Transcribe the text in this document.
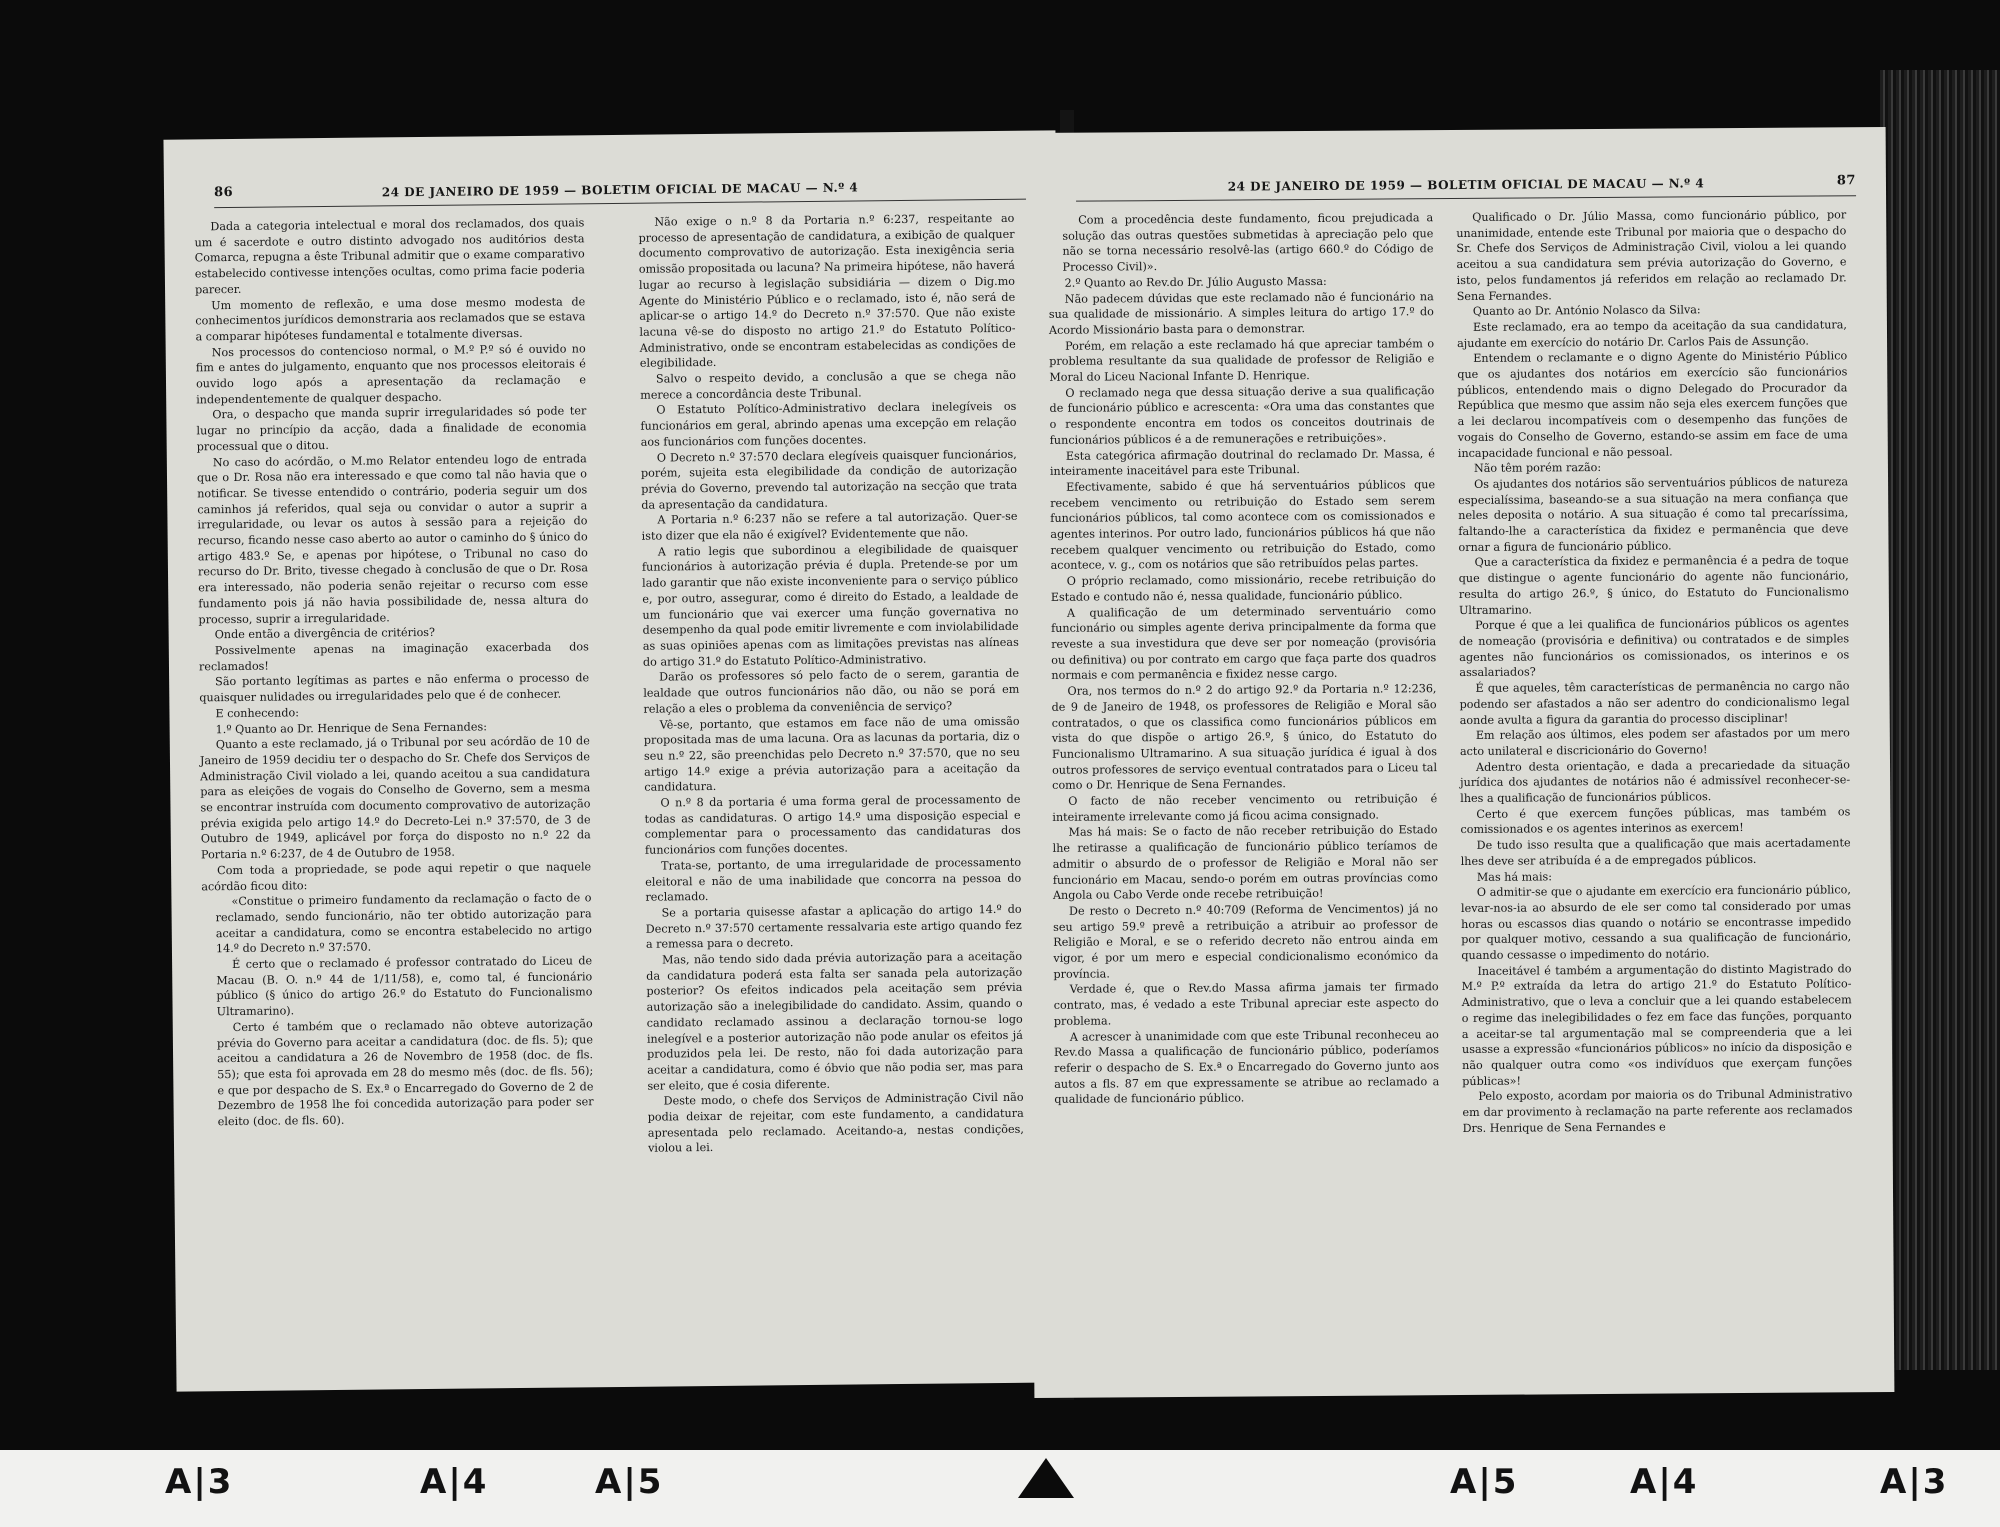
86	24 DE JANEIRO DE 1959 — BOLETIM OFICIAL DE MACAU — N.º 4

Dada a categoria intelectual e moral dos reclamados, dos quais um é sacerdote e outro distinto advogado nos auditórios desta Comarca, repugna a êste Tribunal admitir que o exame comparativo estabelecido contivesse intenções ocultas, como prima facie poderia parecer.

Um momento de reflexão, e uma dose mesmo modesta de conhecimentos jurídicos demonstraria aos reclamados que se estava a comparar hipóteses fundamental e totalmente diversas.

Nos processos do contencioso normal, o M.º P.º só é ouvido no fim e antes do julgamento, enquanto que nos processos eleitorais é ouvido logo após a apresentação da reclamação e independentemente de qualquer despacho.

Ora, o despacho que manda suprir irregularidades só pode ter lugar no princípio da acção, dada a finalidade de economia processual que o ditou.

No caso do acórdão, o M.mo Relator entendeu logo de entrada que o Dr. Rosa não era interessado e que como tal não havia que o notificar. Se tivesse entendido o contrário, poderia seguir um dos caminhos já referidos, qual seja ou convidar o autor a suprir a irregularidade, ou levar os autos à sessão para a rejeição do recurso, ficando nesse caso aberto ao autor o caminho do § único do artigo 483.º Se, e apenas por hipótese, o Tribunal no caso do recurso do Dr. Brito, tivesse chegado à conclusão de que o Dr. Rosa era interessado, não poderia senão rejeitar o recurso com esse fundamento pois já não havia possibilidade de, nessa altura do processo, suprir a irregularidade.

Onde então a divergência de critérios?

Possivelmente apenas na imaginação exacerbada dos reclamados!

São portanto legítimas as partes e não enferma o processo de quaisquer nulidades ou irregularidades pelo que é de conhecer.

E conhecendo:

1.º Quanto ao Dr. Henrique de Sena Fernandes:

Quanto a este reclamado, já o Tribunal por seu acórdão de 10 de Janeiro de 1959 decidiu ter o despacho do Sr. Chefe dos Serviços de Administração Civil violado a lei, quando aceitou a sua candidatura para as eleições de vogais do Conselho de Governo, sem a mesma se encontrar instruída com documento comprovativo de autorização prévia exigida pelo artigo 14.º do Decreto-Lei n.º 37:570, de 3 de Outubro de 1949, aplicável por força do disposto no n.º 22 da Portaria n.º 6:237, de 4 de Outubro de 1958.

Com toda a propriedade, se pode aqui repetir o que naquele acórdão ficou dito:

«Constitue o primeiro fundamento da reclamação o facto de o reclamado, sendo funcionário, não ter obtido autorização para aceitar a candidatura, como se encontra estabelecido no artigo 14.º do Decreto n.º 37:570.

É certo que o reclamado é professor contratado do Liceu de Macau (B. O. n.º 44 de 1/11/58), e, como tal, é funcionário público (§ único do artigo 26.º do Estatuto do Funcionalismo Ultramarino).

Certo é também que o reclamado não obteve autorização prévia do Governo para aceitar a candidatura (doc. de fls. 5); que aceitou a candidatura a 26 de Novembro de 1958 (doc. de fls. 55); que esta foi aprovada em 28 do mesmo mês (doc. de fls. 56); e que por despacho de S. Ex.ª o Encarregado do Governo de 2 de Dezembro de 1958 lhe foi concedida autorização para poder ser eleito (doc. de fls. 60).

Não exige o n.º 8 da Portaria n.º 6:237, respeitante ao processo de apresentação de candidatura, a exibição de qualquer documento comprovativo de autorização. Esta inexigência seria omissão propositada ou lacuna? Na primeira hipótese, não haverá lugar ao recurso à legislação subsidiária — dizem o Dig.mo Agente do Ministério Público e o reclamado, isto é, não será de aplicar-se o artigo 14.º do Decreto n.º 37:570. Que não existe lacuna vê-se do disposto no artigo 21.º do Estatuto Político-Administrativo, onde se encontram estabelecidas as condições de elegibilidade.

Salvo o respeito devido, a conclusão a que se chega não merece a concordância deste Tribunal.

O Estatuto Político-Administrativo declara inelegíveis os funcionários em geral, abrindo apenas uma excepção em relação aos funcionários com funções docentes.

O Decreto n.º 37:570 declara elegíveis quaisquer funcionários, porém, sujeita esta elegibilidade da condição de autorização prévia do Governo, prevendo tal autorização na secção que trata da apresentação da candidatura.

A Portaria n.º 6:237 não se refere a tal autorização. Quer-se isto dizer que ela não é exigível? Evidentemente que não.

A ratio legis que subordinou a elegibilidade de quaisquer funcionários à autorização prévia é dupla. Pretende-se por um lado garantir que não existe inconveniente para o serviço público e, por outro, assegurar, como é direito do Estado, a lealdade de um funcionário que vai exercer uma função governativa no desempenho da qual pode emitir livremente e com inviolabilidade as suas opiniões apenas com as limitações previstas nas alíneas do artigo 31.º do Estatuto Político-Administrativo.

Darão os professores só pelo facto de o serem, garantia de lealdade que outros funcionários não dão, ou não se porá em relação a eles o problema da conveniência de serviço?

Vê-se, portanto, que estamos em face não de uma omissão propositada mas de uma lacuna. Ora as lacunas da portaria, diz o seu n.º 22, são preenchidas pelo Decreto n.º 37:570, que no seu artigo 14.º exige a prévia autorização para a aceitação da candidatura.

O n.º 8 da portaria é uma forma geral de processamento de todas as candidaturas. O artigo 14.º uma disposição especial e complementar para o processamento das candidaturas dos funcionários com funções docentes.

Trata-se, portanto, de uma irregularidade de processamento eleitoral e não de uma inabilidade que concorra na pessoa do reclamado.

Se a portaria quisesse afastar a aplicação do artigo 14.º do Decreto n.º 37:570 certamente ressalvaria este artigo quando fez a remessa para o decreto.

Mas, não tendo sido dada prévia autorização para a aceitação da candidatura poderá esta falta ser sanada pela autorização posterior? Os efeitos indicados pela aceitação sem prévia autorização são a inelegibilidade do candidato. Assim, quando o candidato reclamado assinou a declaração tornou-se logo inelegível e a posterior autorização não pode anular os efeitos já produzidos pela lei. De resto, não foi dada autorização para aceitar a candidatura, como é óbvio que não podia ser, mas para ser eleito, que é cosia diferente.

Deste modo, o chefe dos Serviços de Administração Civil não podia deixar de rejeitar, com este fundamento, a candidatura apresentada pelo reclamado. Aceitando-a, nestas condições, violou a lei.

87
24 DE JANEIRO DE 1959 — BOLETIM OFICIAL DE MACAU — N.º 4

Com a procedência deste fundamento, ficou prejudicada a solução das outras questões submetidas à apreciação pelo que não se torna necessário resolvê-las (artigo 660.º do Código de Processo Civil)».

2.º Quanto ao Rev.do Dr. Júlio Augusto Massa:

Não padecem dúvidas que este reclamado não é funcionário na sua qualidade de missionário. A simples leitura do artigo 17.º do Acordo Missionário basta para o demonstrar.

Porém, em relação a este reclamado há que apreciar também o problema resultante da sua qualidade de professor de Religião e Moral do Liceu Nacional Infante D. Henrique.

O reclamado nega que dessa situação derive a sua qualificação de funcionário público e acrescenta: «Ora uma das constantes que o respondente encontra em todos os conceitos doutrinais de funcionários públicos é a de remunerações e retribuições».

Esta categórica afirmação doutrinal do reclamado Dr. Massa, é inteiramente inaceitável para este Tribunal.

Efectivamente, sabido é que há serventuários públicos que recebem vencimento ou retribuição do Estado sem serem funcionários públicos, tal como acontece com os comissionados e agentes interinos. Por outro lado, funcionários públicos há que não recebem qualquer vencimento ou retribuição do Estado, como acontece, v. g., com os notários que são retribuídos pelas partes.

O próprio reclamado, como missionário, recebe retribuição do Estado e contudo não é, nessa qualidade, funcionário público.

A qualificação de um determinado serventuário como funcionário ou simples agente deriva principalmente da forma que reveste a sua investidura que deve ser por nomeação (provisória ou definitiva) ou por contrato em cargo que faça parte dos quadros normais e com permanência e fixidez nesse cargo.

Ora, nos termos do n.º 2 do artigo 92.º da Portaria n.º 12:236, de 9 de Janeiro de 1948, os professores de Religião e Moral são contratados, o que os classifica como funcionários públicos em vista do que dispõe o artigo 26.º, § único, do Estatuto do Funcionalismo Ultramarino. A sua situação jurídica é igual à dos outros professores de serviço eventual contratados para o Liceu tal como o Dr. Henrique de Sena Fernandes.

O facto de não receber vencimento ou retribuição é inteiramente irrelevante como já ficou acima consignado.

Mas há mais: Se o facto de não receber retribuição do Estado lhe retirasse a qualificação de funcionário público teríamos de admitir o absurdo de o professor de Religião e Moral não ser funcionário em Macau, sendo-o porém em outras províncias como Angola ou Cabo Verde onde recebe retribuição!

De resto o Decreto n.º 40:709 (Reforma de Vencimentos) já no seu artigo 59.º prevê a retribuição a atribuir ao professor de Religião e Moral, e se o referido decreto não entrou ainda em vigor, é por um mero e especial condicionalismo económico da província.

Verdade é, que o Rev.do Massa afirma jamais ter firmado contrato, mas, é vedado a este Tribunal apreciar este aspecto do problema.

A acrescer à unanimidade com que este Tribunal reconheceu ao Rev.do Massa a qualificação de funcionário público, poderíamos referir o despacho de S. Ex.ª o Encarregado do Governo junto aos autos a fls. 87 em que expressamente se atribue ao reclamado a qualidade de funcionário público.

Qualificado o Dr. Júlio Massa, como funcionário público, por unanimidade, entende este Tribunal por maioria que o despacho do Sr. Chefe dos Serviços de Administração Civil, violou a lei quando aceitou a sua candidatura sem prévia autorização do Governo, e isto, pelos fundamentos já referidos em relação ao reclamado Dr. Sena Fernandes.

Quanto ao Dr. António Nolasco da Silva:

Este reclamado, era ao tempo da aceitação da sua candidatura, ajudante em exercício do notário Dr. Carlos Pais de Assunção.

Entendem o reclamante e o digno Agente do Ministério Público que os ajudantes dos notários em exercício são funcionários públicos, entendendo mais o digno Delegado do Procurador da República que mesmo que assim não seja eles exercem funções que a lei declarou incompatíveis com o desempenho das funções de vogais do Conselho de Governo, estando-se assim em face de uma incapacidade funcional e não pessoal.

Não têm porém razão:

Os ajudantes dos notários são serventuários públicos de natureza especialíssima, baseando-se a sua situação na mera confiança que neles deposita o notário. A sua situação é como tal precaríssima, faltando-lhe a característica da fixidez e permanência que deve ornar a figura de funcionário público.

Que a característica da fixidez e permanência é a pedra de toque que distingue o agente funcionário do agente não funcionário, resulta do artigo 26.º, § único, do Estatuto do Funcionalismo Ultramarino.

Porque é que a lei qualifica de funcionários públicos os agentes de nomeação (provisória e definitiva) ou contratados e de simples agentes não funcionários os comissionados, os interinos e os assalariados?

É que aqueles, têm características de permanência no cargo não podendo ser afastados a não ser adentro do condicionalismo legal aonde avulta a figura da garantia do processo disciplinar!

Em relação aos últimos, eles podem ser afastados por um mero acto unilateral e discricionário do Governo!

Adentro desta orientação, e dada a precariedade da situação jurídica dos ajudantes de notários não é admissível reconhecer-se-lhes a qualificação de funcionários públicos.

Certo é que exercem funções públicas, mas também os comissionados e os agentes interinos as exercem!

De tudo isso resulta que a qualificação que mais acertadamente lhes deve ser atribuída é a de empregados públicos.

Mas há mais:

O admitir-se que o ajudante em exercício era funcionário público, levar-nos-ia ao absurdo de ele ser como tal considerado por umas horas ou escassos dias quando o notário se encontrasse impedido por qualquer motivo, cessando a sua qualificação de funcionário, quando cessasse o impedimento do notário.

Inaceitável é também a argumentação do distinto Magistrado do M.º P.º extraída da letra do artigo 21.º do Estatuto Político-Administrativo, que o leva a concluir que a lei quando estabelecem o regime das inelegibilidades o fez em face das funções, porquanto a aceitar-se tal argumentação mal se compreenderia que a lei usasse a expressão «funcionários públicos» no início da disposição e não qualquer outra como «os indivíduos que exerçam funções públicas»!

Pelo exposto, acordam por maioria os do Tribunal Administrativo em dar provimento à reclamação na parte referente aos reclamados Drs. Henrique de Sena Fernandes e

A|3	A|4	A|5	A|5	A|4	A|3
